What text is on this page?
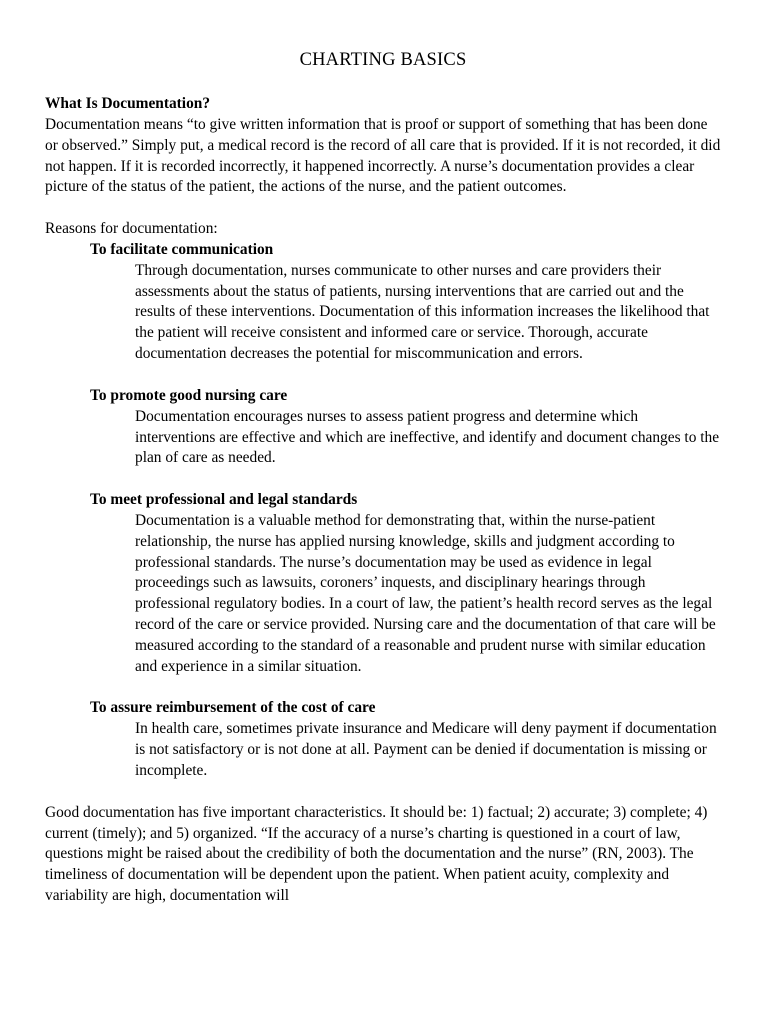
CHARTING BASICS

What Is Documentation?

Documentation means “to give written information that is proof or support of something that has been done or observed.” Simply put, a medical record is the record of all care that is provided. If it is not recorded, it did not happen. If it is recorded incorrectly, it happened incorrectly. A nurse’s documentation provides a clear picture of the status of the patient, the actions of the nurse, and the patient outcomes.

Reasons for documentation:

To facilitate communication

Through documentation, nurses communicate to other nurses and care providers their assessments about the status of patients, nursing interventions that are carried out and the results of these interventions. Documentation of this information increases the likelihood that the patient will receive consistent and informed care or service. Thorough, accurate documentation decreases the potential for miscommunication and errors.

To promote good nursing care

Documentation encourages nurses to assess patient progress and determine which interventions are effective and which are ineffective, and identify and document changes to the plan of care as needed.

To meet professional and legal standards

Documentation is a valuable method for demonstrating that, within the nurse-patient relationship, the nurse has applied nursing knowledge, skills and judgment according to professional standards. The nurse’s documentation may be used as evidence in legal proceedings such as lawsuits, coroners’ inquests, and disciplinary hearings through professional regulatory bodies. In a court of law, the patient’s health record serves as the legal record of the care or service provided. Nursing care and the documentation of that care will be measured according to the standard of a reasonable and prudent nurse with similar education and experience in a similar situation.

To assure reimbursement of the cost of care

In health care, sometimes private insurance and Medicare will deny payment if documentation is not satisfactory or is not done at all. Payment can be denied if documentation is missing or incomplete.

Good documentation has five important characteristics. It should be: 1) factual; 2) accurate; 3) complete; 4) current (timely); and 5) organized. “If the accuracy of a nurse’s charting is questioned in a court of law, questions might be raised about the credibility of both the documentation and the nurse” (RN, 2003). The timeliness of documentation will be dependent upon the patient. When patient acuity, complexity and variability are high, documentation will
